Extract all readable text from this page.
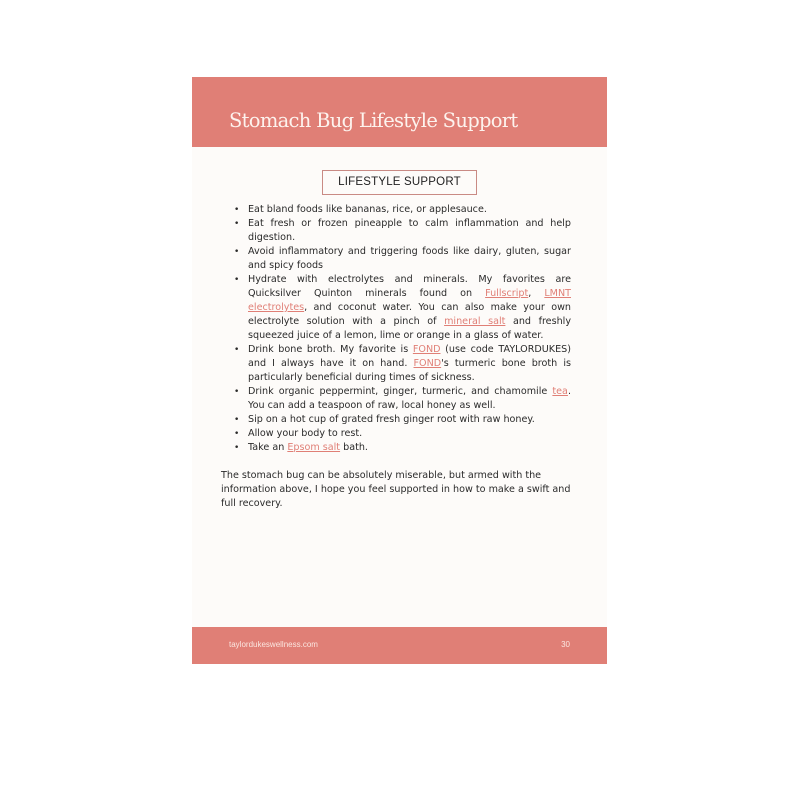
Stomach Bug Lifestyle Support
LIFESTYLE SUPPORT
• Eat bland foods like bananas, rice, or applesauce.
• Eat fresh or frozen pineapple to calm inflammation and help digestion.
• Avoid inflammatory and triggering foods like dairy, gluten, sugar and spicy foods
• Hydrate with electrolytes and minerals. My favorites are Quicksilver Quinton minerals found on Fullscript, LMNT electrolytes, and coconut water. You can also make your own electrolyte solution with a pinch of mineral salt and freshly squeezed juice of a lemon, lime or orange in a glass of water.
• Drink bone broth. My favorite is FOND (use code TAYLORDUKES) and I always have it on hand. FOND's turmeric bone broth is particularly beneficial during times of sickness.
• Drink organic peppermint, ginger, turmeric, and chamomile tea. You can add a teaspoon of raw, local honey as well.
• Sip on a hot cup of grated fresh ginger root with raw honey.
• Allow your body to rest.
• Take an Epsom salt bath.

The stomach bug can be absolutely miserable, but armed with the information above, I hope you feel supported in how to make a swift and full recovery.

taylordukeswellness.com	30
